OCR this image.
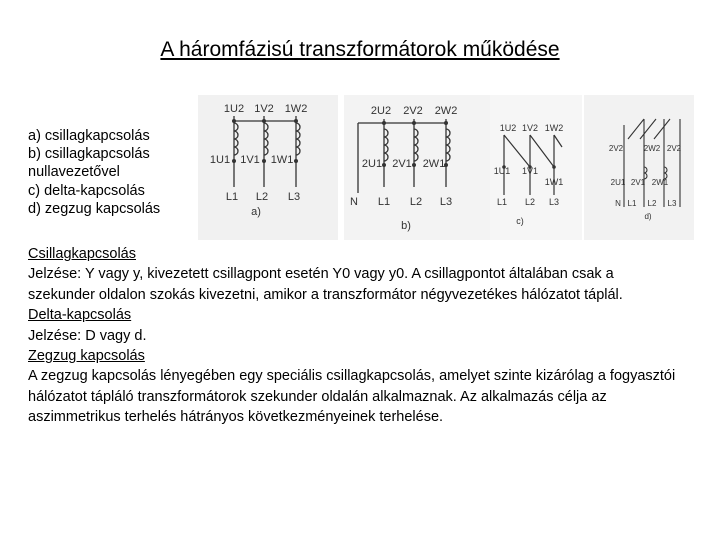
A háromfázisú transzformátorok működése
a) csillagkapcsolás
b) csillagkapcsolás
nullavezetővel
c) delta-kapcsolás
d) zegzug kapcsolás
1U2 1V2 1W2
1U1 1V1 1W1
L1 L2 L3
a)
2U2 2V2 2W2
2U1 2V1 2W1
N L1 L2 L3
b)
1U2 1V2 1W2
1U1 1V1
1W1
L1 L2 L3
c)
2V2	2W2 2V2
2U1 2V1 2W1
N L1 L2 L3
d)
Csillagkapcsolás
Jelzése: Y vagy y, kivezetett csillagpont esetén Y0 vagy y0. A csillagpontot általában csak a szekunder oldalon szokás kivezetni, amikor a transzformátor négyvezetékes hálózatot táplál.
Delta-kapcsolás
Jelzése: D vagy d.
Zegzug kapcsolás
A zegzug kapcsolás lényegében egy speciális csillagkapcsolás, amelyet szinte kizárólag a fogyasztói hálózatot tápláló transzformátorok szekunder oldalán alkalmaznak. Az alkalmazás célja az aszimmetrikus terhelés hátrányos következményeinek terhelése.
